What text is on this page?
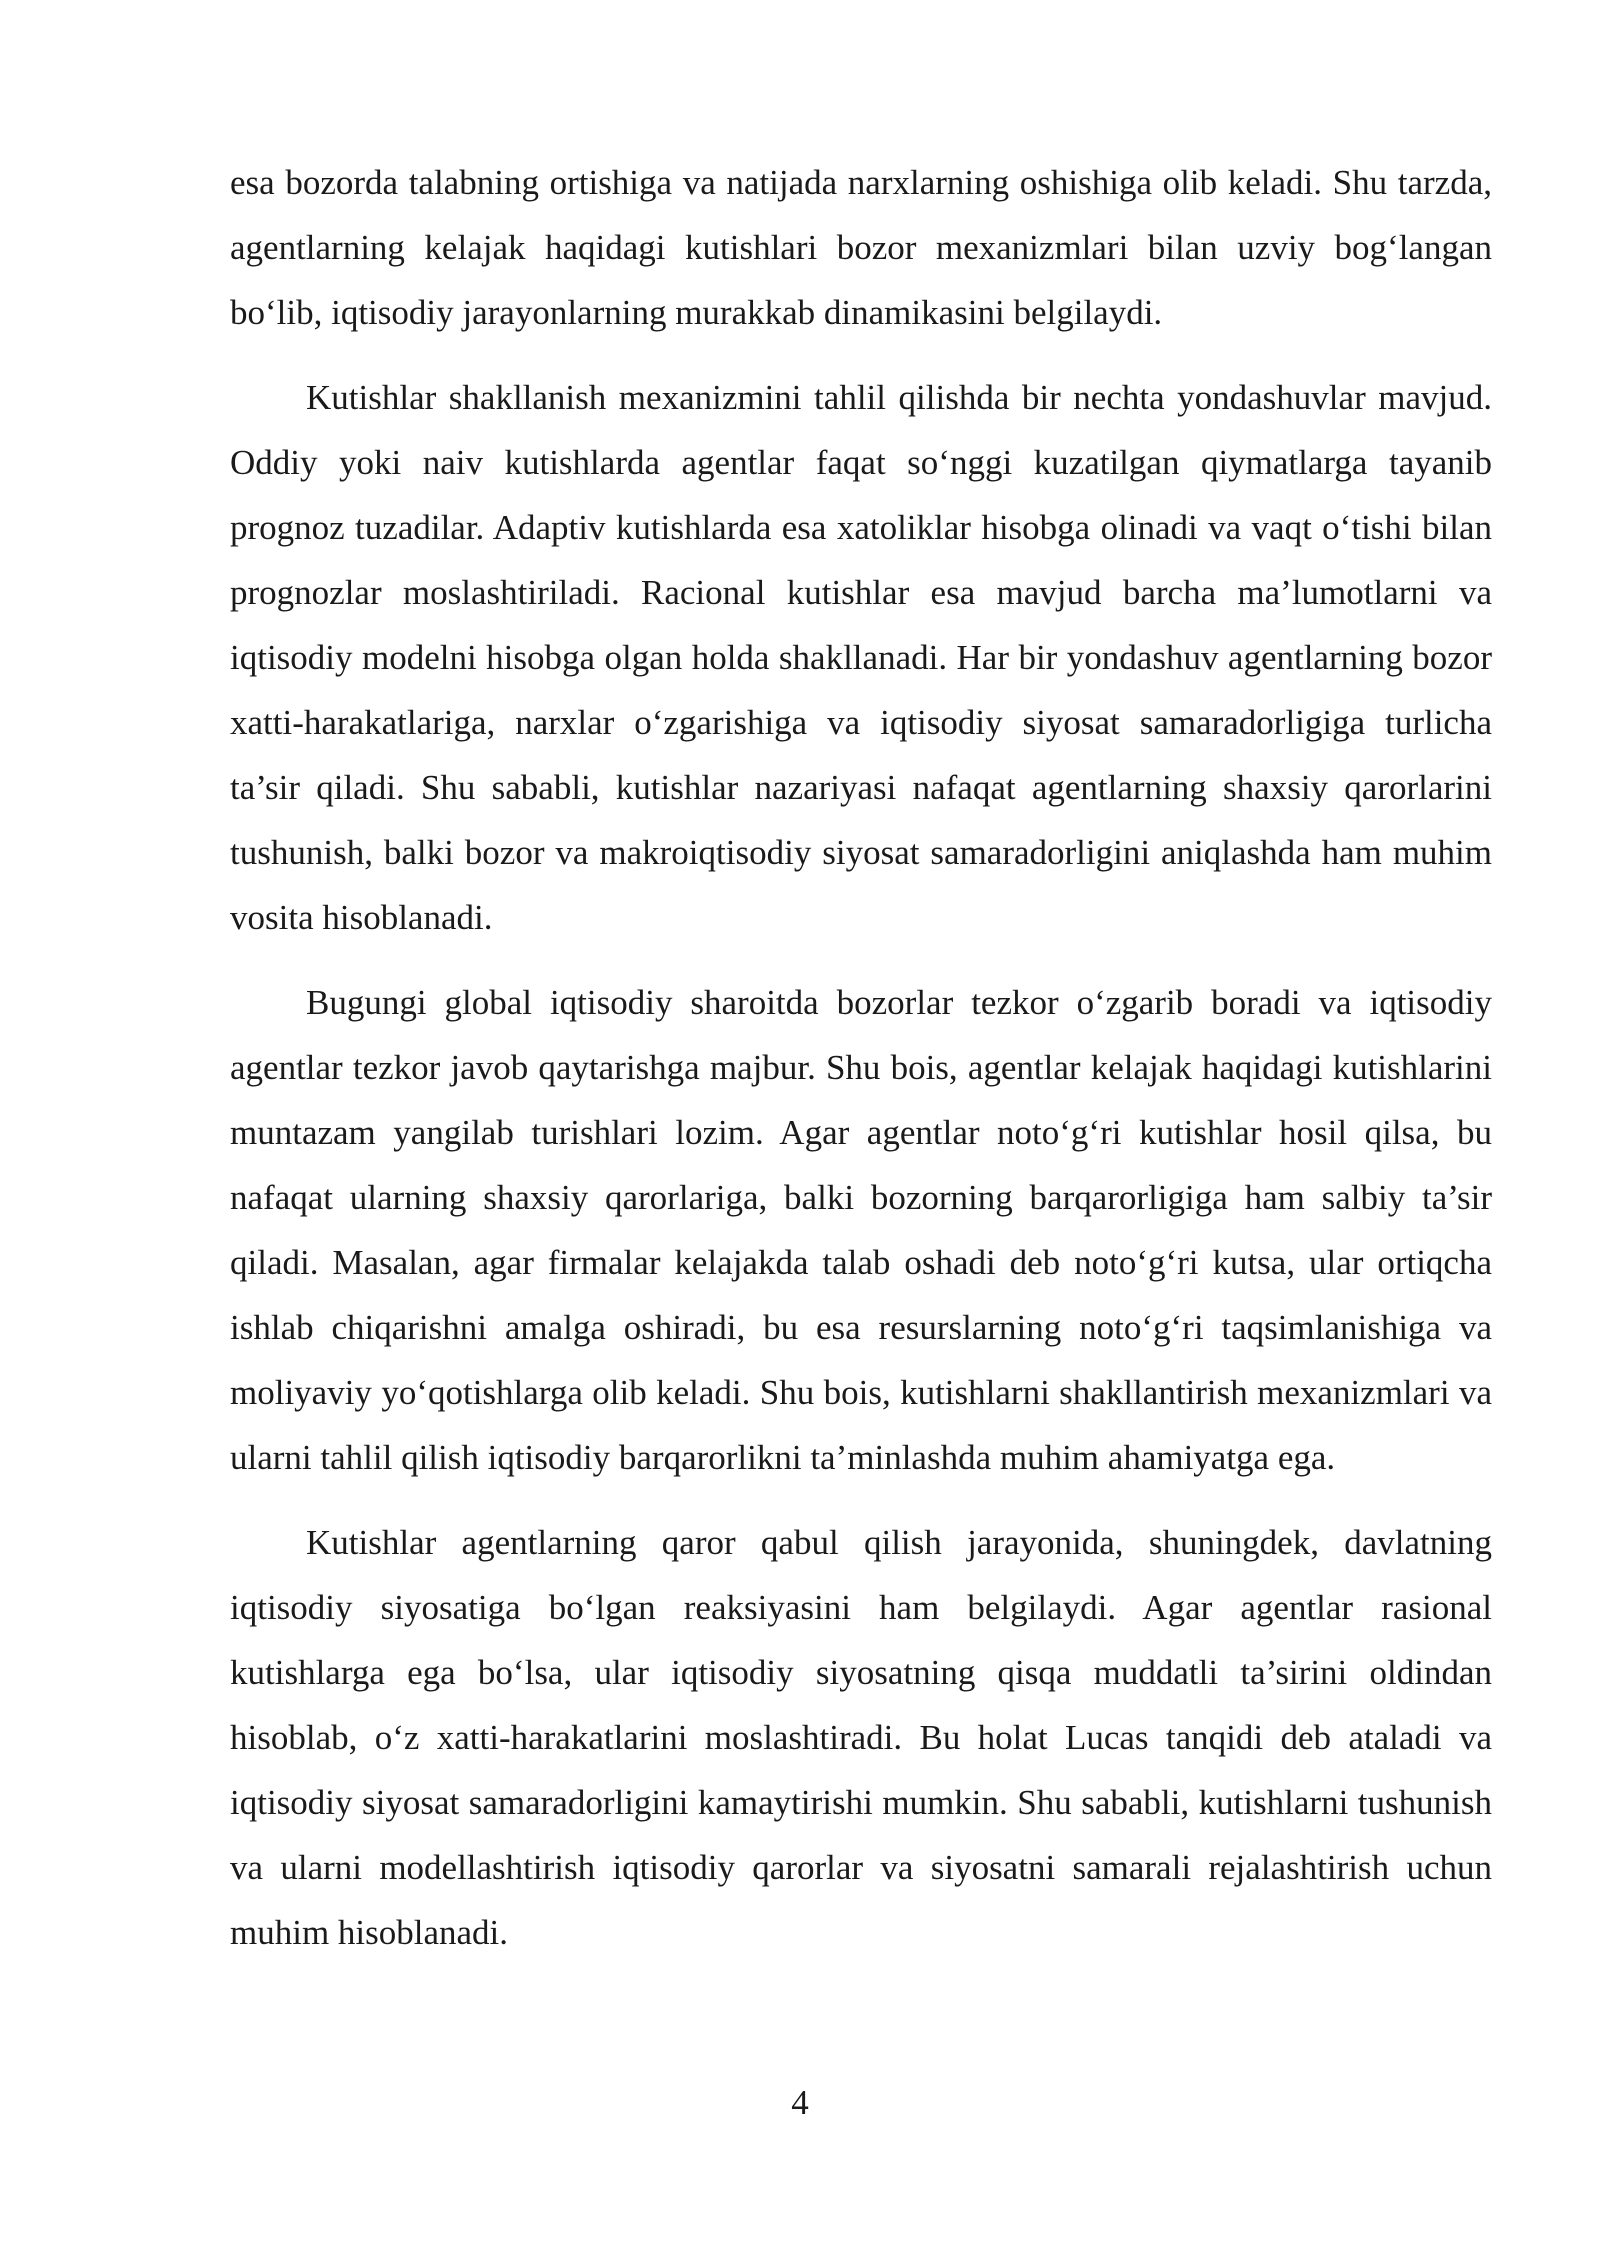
esa bozorda talabning ortishiga va natijada narxlarning oshishiga olib keladi. Shu tarzda, agentlarning kelajak haqidagi kutishlari bozor mexanizmlari bilan uzviy bog‘langan bo‘lib, iqtisodiy jarayonlarning murakkab dinamikasini belgilaydi.

Kutishlar shakllanish mexanizmini tahlil qilishda bir nechta yondashuvlar mavjud. Oddiy yoki naiv kutishlarda agentlar faqat so‘nggi kuzatilgan qiymatlarga tayanib prognoz tuzadilar. Adaptiv kutishlarda esa xatoliklar hisobga olinadi va vaqt o‘tishi bilan prognozlar moslashtiriladi. Racional kutishlar esa mavjud barcha ma’lumotlarni va iqtisodiy modelni hisobga olgan holda shakllanadi. Har bir yondashuv agentlarning bozor xatti-harakatlariga, narxlar o‘zgarishiga va iqtisodiy siyosat samaradorligiga turlicha ta’sir qiladi. Shu sababli, kutishlar nazariyasi nafaqat agentlarning shaxsiy qarorlarini tushunish, balki bozor va makroiqtisodiy siyosat samaradorligini aniqlashda ham muhim vosita hisoblanadi.

Bugungi global iqtisodiy sharoitda bozorlar tezkor o‘zgarib boradi va iqtisodiy agentlar tezkor javob qaytarishga majbur. Shu bois, agentlar kelajak haqidagi kutishlarini muntazam yangilab turishlari lozim. Agar agentlar noto‘g‘ri kutishlar hosil qilsa, bu nafaqat ularning shaxsiy qarorlariga, balki bozorning barqarorligiga ham salbiy ta’sir qiladi. Masalan, agar firmalar kelajakda talab oshadi deb noto‘g‘ri kutsa, ular ortiqcha ishlab chiqarishni amalga oshiradi, bu esa resurslarning noto‘g‘ri taqsimlanishiga va moliyaviy yo‘qotishlarga olib keladi. Shu bois, kutishlarni shakllantirish mexanizmlari va ularni tahlil qilish iqtisodiy barqarorlikni ta’minlashda muhim ahamiyatga ega.

Kutishlar agentlarning qaror qabul qilish jarayonida, shuningdek, davlatning iqtisodiy siyosatiga bo‘lgan reaksiyasini ham belgilaydi. Agar agentlar rasional kutishlarga ega bo‘lsa, ular iqtisodiy siyosatning qisqa muddatli ta’sirini oldindan hisoblab, o‘z xatti-harakatlarini moslashtiradi. Bu holat Lucas tanqidi deb ataladi va iqtisodiy siyosat samaradorligini kamaytirishi mumkin. Shu sababli, kutishlarni tushunish va ularni modellashtirish iqtisodiy qarorlar va siyosatni samarali rejalashtirish uchun muhim hisoblanadi.

4
